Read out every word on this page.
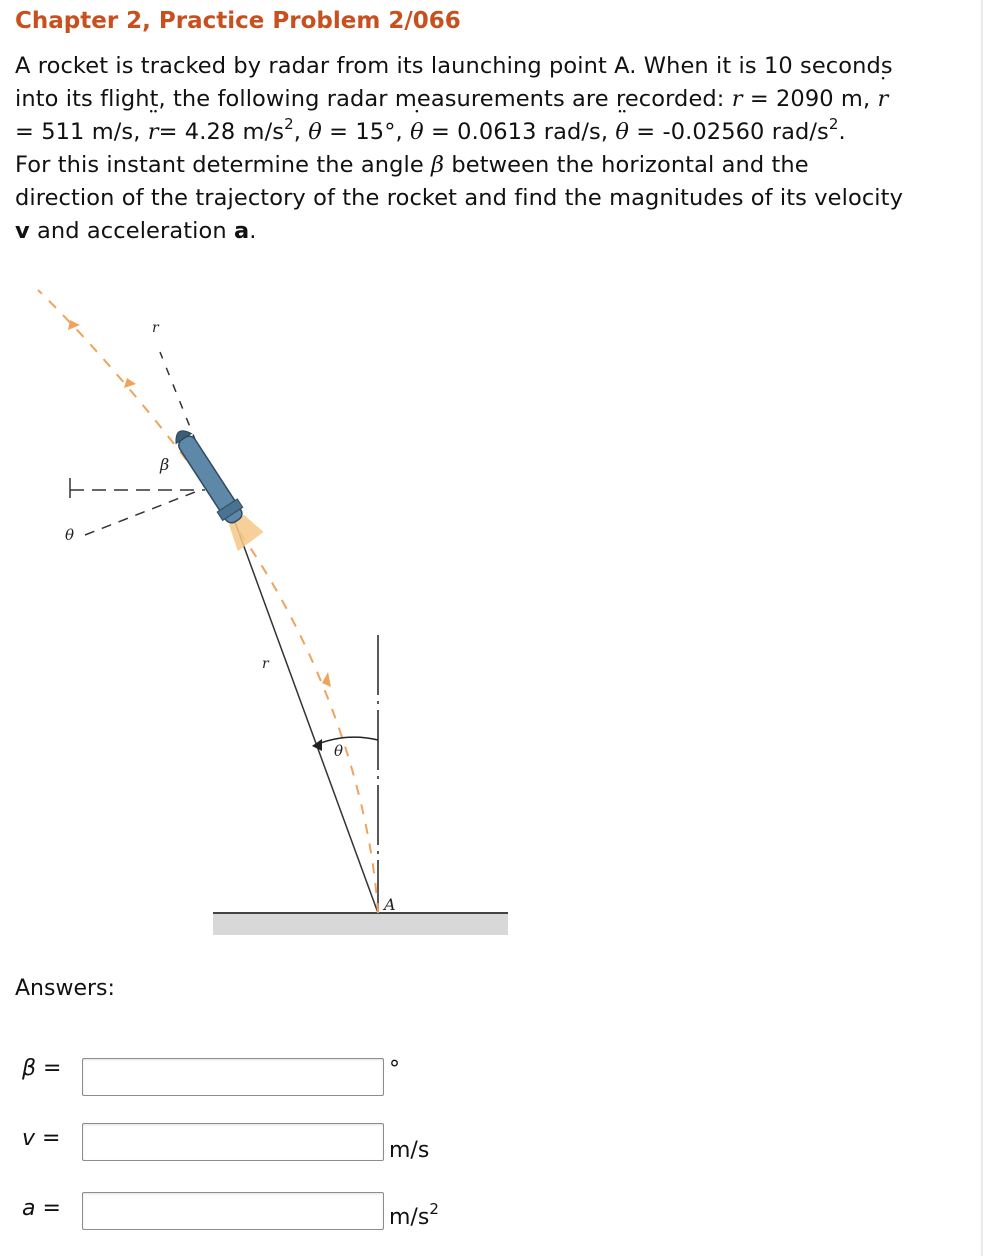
Chapter 2, Practice Problem 2/066
A rocket is tracked by radar from its launching point A. When it is 10 seconds
into its flight, the following radar measurements are recorded: r = 2090 m, r ˙
= 511 m/s, r ¨= 4.28 $m/s^2$, θ = 15°, θ ˙ = 0.0613 rad/s, θ ¨ = -0.02560 rad/$s^2$.
For this instant determine the angle β between the horizontal and the
direction of the trajectory of the rocket and find the magnitudes of its velocity
v and acceleration a.
r
β
θ
r
θ
A
Answers:
β =	°
v =	m/s
a =	$m/s^2$
